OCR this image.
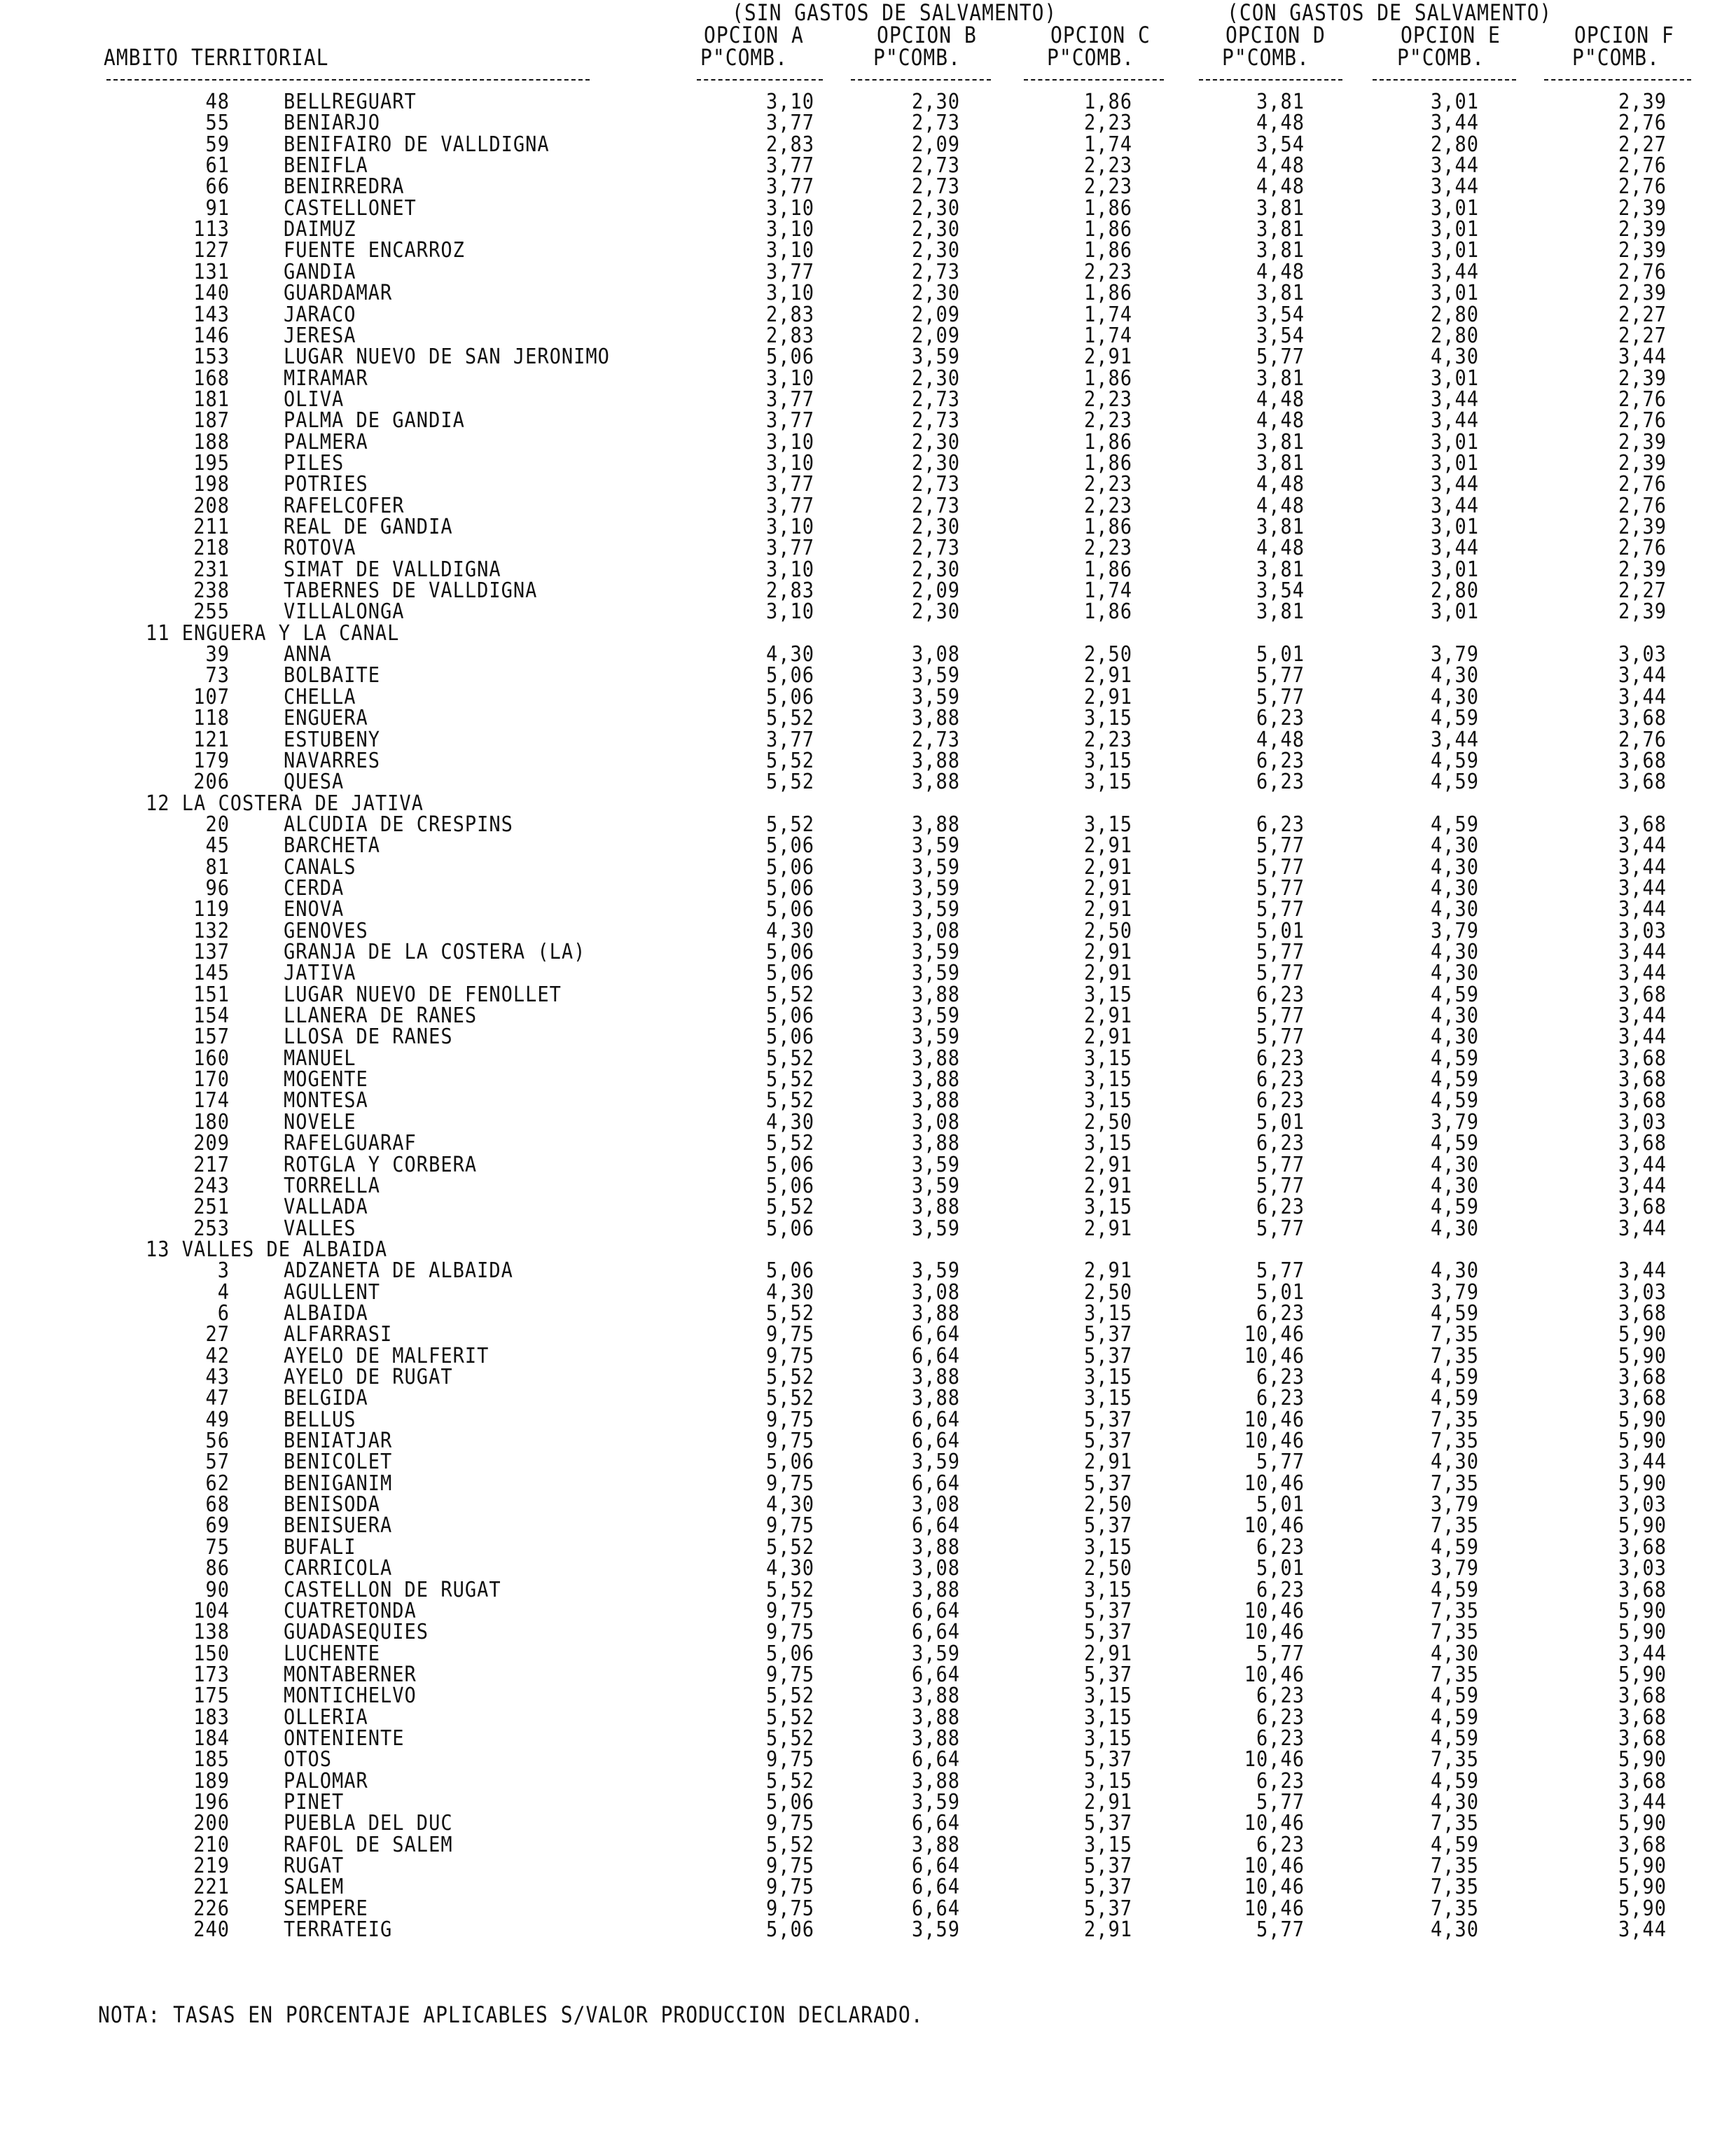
(SIN GASTOS DE SALVAMENTO)	(CON GASTOS DE SALVAMENTO)
OPCION A	OPCION B	OPCION C	OPCION D	OPCION E	OPCION F
AMBITO TERRITORIAL	P"COMB.	P"COMB.	P"COMB.	P"COMB.	P"COMB.	P"COMB.
48	BELLREGUART	3,10	2,30	1,86	3,81	3,01	2,39
55	BENIARJO	3,77	2,73	2,23	4,48	3,44	2,76
59	BENIFAIRO DE VALLDIGNA	2,83	2,09	1,74	3,54	2,80	2,27
61	BENIFLA	3,77	2,73	2,23	4,48	3,44	2,76
66	BENIRREDRA	3,77	2,73	2,23	4,48	3,44	2,76
91	CASTELLONET	3,10	2,30	1,86	3,81	3,01	2,39
113	DAIMUZ	3,10	2,30	1,86	3,81	3,01	2,39
127	FUENTE ENCARROZ	3,10	2,30	1,86	3,81	3,01	2,39
131	GANDIA	3,77	2,73	2,23	4,48	3,44	2,76
140	GUARDAMAR	3,10	2,30	1,86	3,81	3,01	2,39
143	JARACO	2,83	2,09	1,74	3,54	2,80	2,27
146	JERESA	2,83	2,09	1,74	3,54	2,80	2,27
153	LUGAR NUEVO DE SAN JERONIMO	5,06	3,59	2,91	5,77	4,30	3,44
168	MIRAMAR	3,10	2,30	1,86	3,81	3,01	2,39
181	OLIVA	3,77	2,73	2,23	4,48	3,44	2,76
187	PALMA DE GANDIA	3,77	2,73	2,23	4,48	3,44	2,76
188	PALMERA	3,10	2,30	1,86	3,81	3,01	2,39
195	PILES	3,10	2,30	1,86	3,81	3,01	2,39
198	POTRIES	3,77	2,73	2,23	4,48	3,44	2,76
208	RAFELCOFER	3,77	2,73	2,23	4,48	3,44	2,76
211	REAL DE GANDIA	3,10	2,30	1,86	3,81	3,01	2,39
218	ROTOVA	3,77	2,73	2,23	4,48	3,44	2,76
231	SIMAT DE VALLDIGNA	3,10	2,30	1,86	3,81	3,01	2,39
238	TABERNES DE VALLDIGNA	2,83	2,09	1,74	3,54	2,80	2,27
255	VILLALONGA	3,10	2,30	1,86	3,81	3,01	2,39
11 ENGUERA Y LA CANAL
39	ANNA	4,30	3,08	2,50	5,01	3,79	3,03
73	BOLBAITE	5,06	3,59	2,91	5,77	4,30	3,44
107	CHELLA	5,06	3,59	2,91	5,77	4,30	3,44
118	ENGUERA	5,52	3,88	3,15	6,23	4,59	3,68
121	ESTUBENY	3,77	2,73	2,23	4,48	3,44	2,76
179	NAVARRES	5,52	3,88	3,15	6,23	4,59	3,68
206	QUESA	5,52	3,88	3,15	6,23	4,59	3,68
12 LA COSTERA DE JATIVA
20	ALCUDIA DE CRESPINS	5,52	3,88	3,15	6,23	4,59	3,68
45	BARCHETA	5,06	3,59	2,91	5,77	4,30	3,44
81	CANALS	5,06	3,59	2,91	5,77	4,30	3,44
96	CERDA	5,06	3,59	2,91	5,77	4,30	3,44
119	ENOVA	5,06	3,59	2,91	5,77	4,30	3,44
132	GENOVES	4,30	3,08	2,50	5,01	3,79	3,03
137	GRANJA DE LA COSTERA (LA)	5,06	3,59	2,91	5,77	4,30	3,44
145	JATIVA	5,06	3,59	2,91	5,77	4,30	3,44
151	LUGAR NUEVO DE FENOLLET	5,52	3,88	3,15	6,23	4,59	3,68
154	LLANERA DE RANES	5,06	3,59	2,91	5,77	4,30	3,44
157	LLOSA DE RANES	5,06	3,59	2,91	5,77	4,30	3,44
160	MANUEL	5,52	3,88	3,15	6,23	4,59	3,68
170	MOGENTE	5,52	3,88	3,15	6,23	4,59	3,68
174	MONTESA	5,52	3,88	3,15	6,23	4,59	3,68
180	NOVELE	4,30	3,08	2,50	5,01	3,79	3,03
209	RAFELGUARAF	5,52	3,88	3,15	6,23	4,59	3,68
217	ROTGLA Y CORBERA	5,06	3,59	2,91	5,77	4,30	3,44
243	TORRELLA	5,06	3,59	2,91	5,77	4,30	3,44
251	VALLADA	5,52	3,88	3,15	6,23	4,59	3,68
253	VALLES	5,06	3,59	2,91	5,77	4,30	3,44
13 VALLES DE ALBAIDA
3	ADZANETA DE ALBAIDA	5,06	3,59	2,91	5,77	4,30	3,44
4	AGULLENT	4,30	3,08	2,50	5,01	3,79	3,03
6	ALBAIDA	5,52	3,88	3,15	6,23	4,59	3,68
27	ALFARRASI	9,75	6,64	5,37	10,46	7,35	5,90
42	AYELO DE MALFERIT	9,75	6,64	5,37	10,46	7,35	5,90
43	AYELO DE RUGAT	5,52	3,88	3,15	6,23	4,59	3,68
47	BELGIDA	5,52	3,88	3,15	6,23	4,59	3,68
49	BELLUS	9,75	6,64	5,37	10,46	7,35	5,90
56	BENIATJAR	9,75	6,64	5,37	10,46	7,35	5,90
57	BENICOLET	5,06	3,59	2,91	5,77	4,30	3,44
62	BENIGANIM	9,75	6,64	5,37	10,46	7,35	5,90
68	BENISODA	4,30	3,08	2,50	5,01	3,79	3,03
69	BENISUERA	9,75	6,64	5,37	10,46	7,35	5,90
75	BUFALI	5,52	3,88	3,15	6,23	4,59	3,68
86	CARRICOLA	4,30	3,08	2,50	5,01	3,79	3,03
90	CASTELLON DE RUGAT	5,52	3,88	3,15	6,23	4,59	3,68
104	CUATRETONDA	9,75	6,64	5,37	10,46	7,35	5,90
138	GUADASEQUIES	9,75	6,64	5,37	10,46	7,35	5,90
150	LUCHENTE	5,06	3,59	2,91	5,77	4,30	3,44
173	MONTABERNER	9,75	6,64	5,37	10,46	7,35	5,90
175	MONTICHELVO	5,52	3,88	3,15	6,23	4,59	3,68
183	OLLERIA	5,52	3,88	3,15	6,23	4,59	3,68
184	ONTENIENTE	5,52	3,88	3,15	6,23	4,59	3,68
185	OTOS	9,75	6,64	5,37	10,46	7,35	5,90
189	PALOMAR	5,52	3,88	3,15	6,23	4,59	3,68
196	PINET	5,06	3,59	2,91	5,77	4,30	3,44
200	PUEBLA DEL DUC	9,75	6,64	5,37	10,46	7,35	5,90
210	RAFOL DE SALEM	5,52	3,88	3,15	6,23	4,59	3,68
219	RUGAT	9,75	6,64	5,37	10,46	7,35	5,90
221	SALEM	9,75	6,64	5,37	10,46	7,35	5,90
226	SEMPERE	9,75	6,64	5,37	10,46	7,35	5,90
240	TERRATEIG	5,06	3,59	2,91	5,77	4,30	3,44
NOTA: TASAS EN PORCENTAJE APLICABLES S/VALOR PRODUCCION DECLARADO.
